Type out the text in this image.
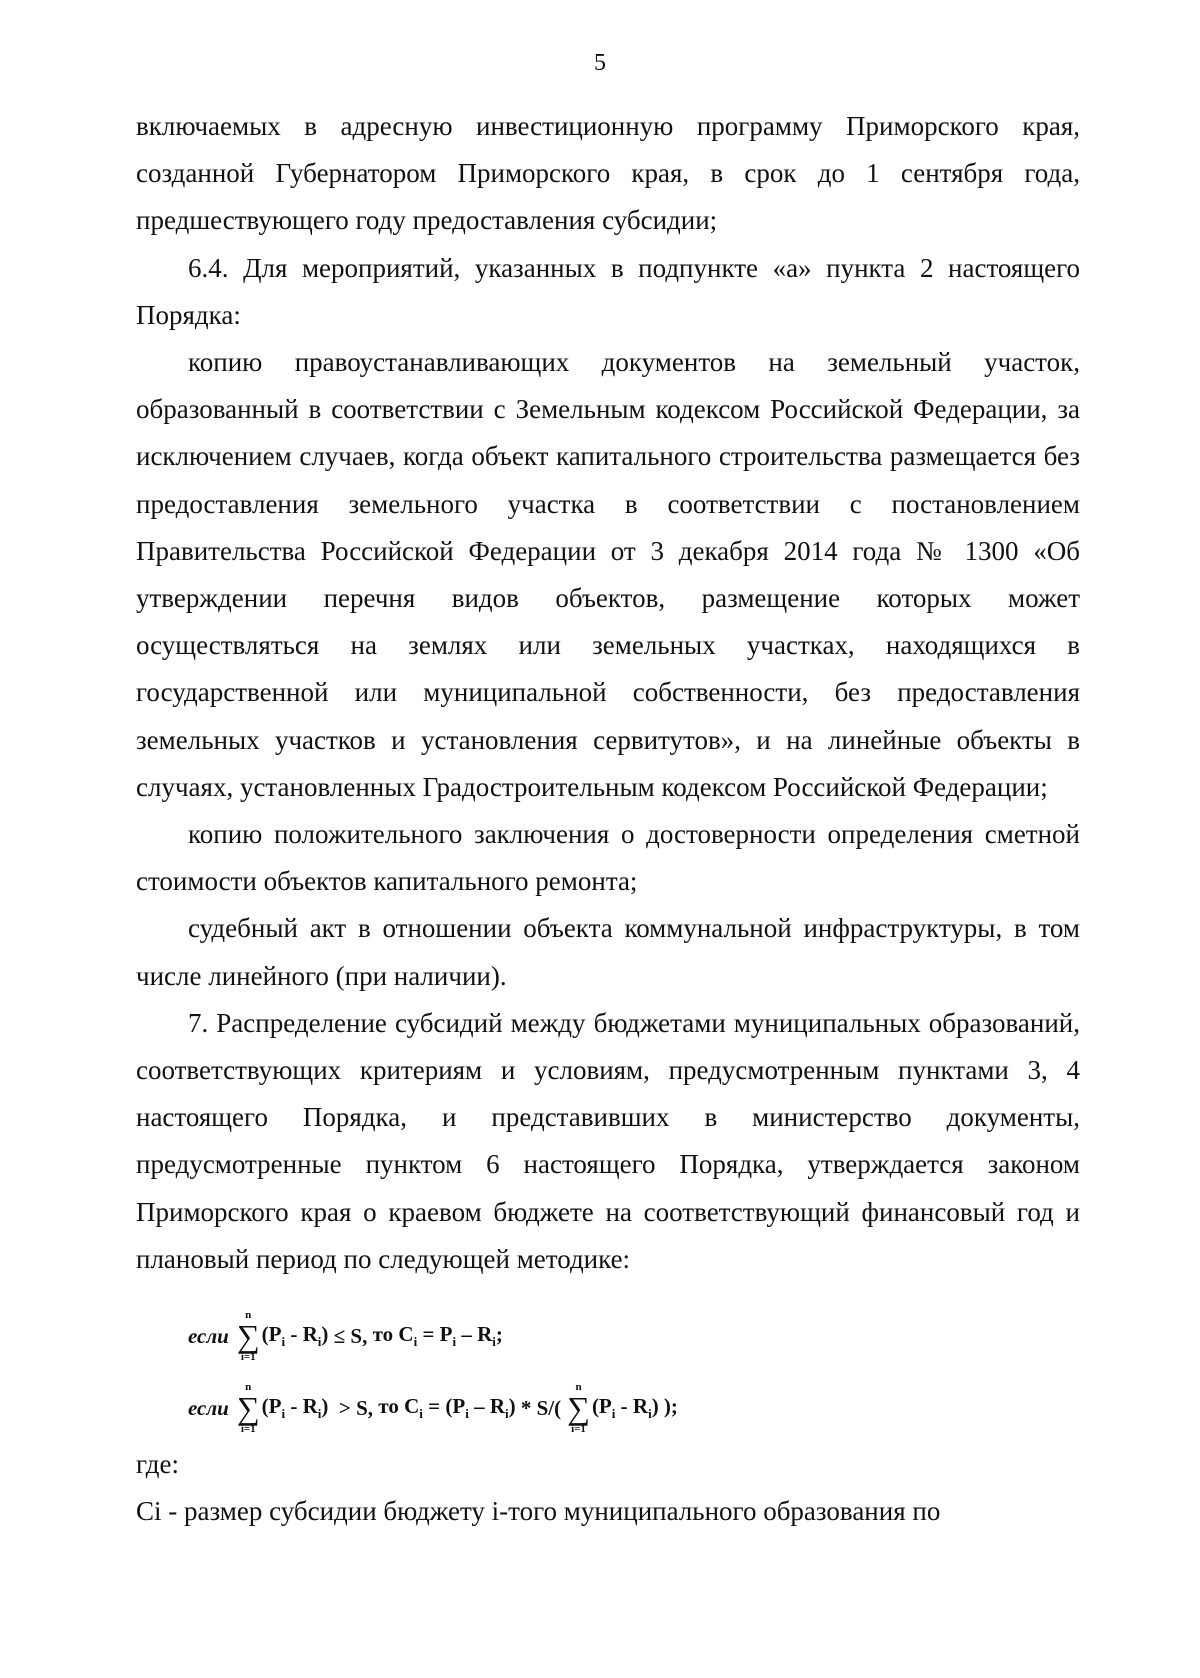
5

включаемых в адресную инвестиционную программу Приморского края, созданной Губернатором Приморского края, в срок до 1 сентября года, предшествующего году предоставления субсидии;

6.4. Для мероприятий, указанных в подпункте «а» пункта 2 настоящего Порядка:

копию правоустанавливающих документов на земельный участок, образованный в соответствии с Земельным кодексом Российской Федерации, за исключением случаев, когда объект капитального строительства размещается без предоставления земельного участка в соответствии с постановлением Правительства Российской Федерации от 3 декабря 2014 года № 1300 «Об утверждении перечня видов объектов, размещение которых может осуществляться на землях или земельных участках, находящихся в государственной или муниципальной собственности, без предоставления земельных участков и установления сервитутов», и на линейные объекты в случаях, установленных Градостроительным кодексом Российской Федерации;

копию положительного заключения о достоверности определения сметной стоимости объектов капитального ремонта;

судебный акт в отношении объекта коммунальной инфраструктуры, в том числе линейного (при наличии).

7. Распределение субсидий между бюджетами муниципальных образований, соответствующих критериям и условиям, предусмотренным пунктами 3, 4 настоящего Порядка, и представивших в министерство документы, предусмотренные пунктом 6 настоящего Порядка, утверждается законом Приморского края о краевом бюджете на соответствующий финансовый год и плановый период по следующей методике:

если
n
∑
i=1
$(P_i - R_i) \le S$, то $C_i = P_i - R_i$;
если
n
∑
i=1
$(P_i - R_i) > S$, то $C_i = (P_i - R_i) * S/$(
n
∑
i=1
$(P_i - R_i)$ );

где:

Ci - размер субсидии бюджету i-того муниципального образования по
